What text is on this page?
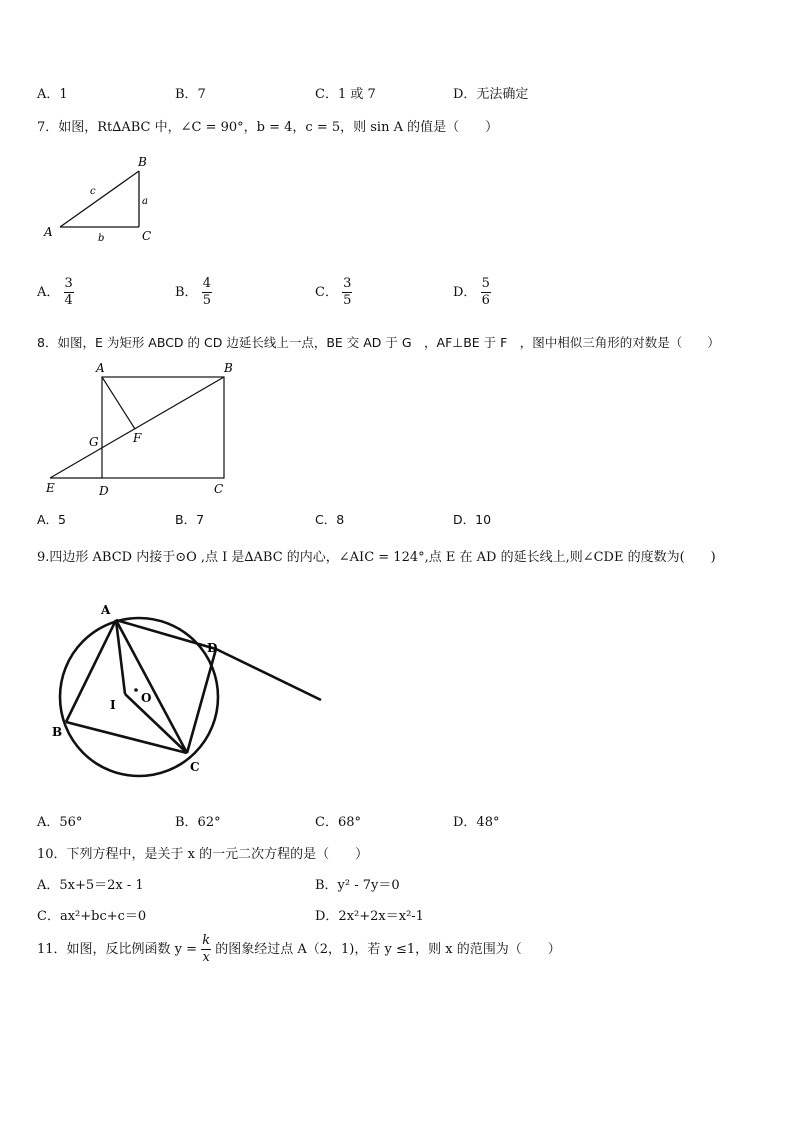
A．1	B．7	C．1 或 7	D．无法确定
7．如图，Rt∆ABC 中，∠C = 90°，b = 4，c = 5，则 sin A 的值是（　　）
A
B
C
a
b
c
A． $\frac{3}{4}$	B． $\frac{4}{5}$	C． $\frac{3}{5}$	D． $\frac{5}{6}$
8．如图，E 为矩形 ABCD 的 CD 边延长线上一点，BE 交 AD 于 G　，AF⊥BE 于 F　，图中相似三角形的对数是（　　）
A	B
C
D
E
F
G
A．5	B．7	C．8	D．10
9.四边形 ABCD 内接于⊙O ,点 I 是∆ABC 的内心，∠AIC = 124°,点 E 在 AD 的延长线上,则∠CDE 的度数为(　　)
A
B
C
D
I O
A．56°	B．62°	C．68°	D．48°
10．下列方程中，是关于 x 的一元二次方程的是（　　）
A．5x+5＝2x - 1	B．y² - 7y＝0
C．ax²+bc+c＝0	D．2x²+2x＝x²-1
11．如图，反比例函数 $y = \frac{k}{x}$ 的图象经过点 A（2，1)，若 y ≤1，则 x 的范围为（　　）
